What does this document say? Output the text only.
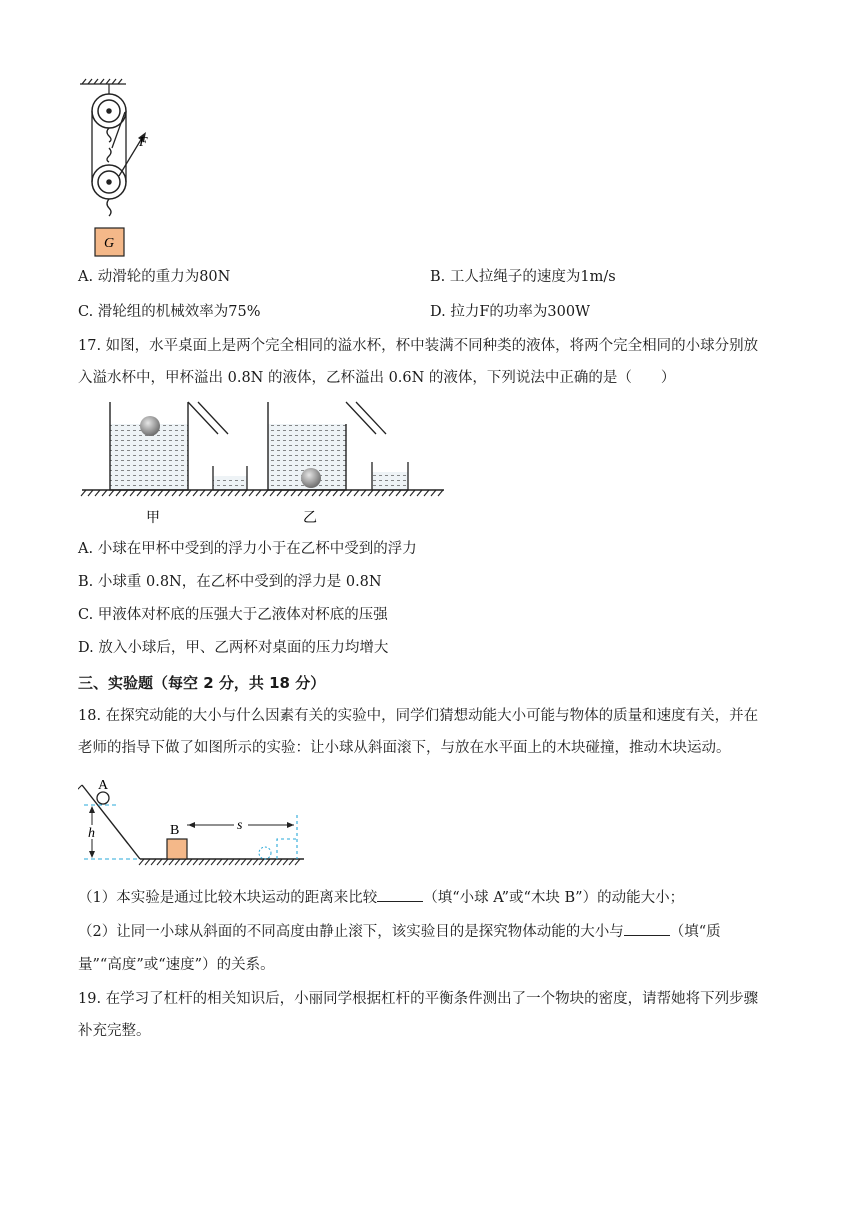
F
G
A. 动滑轮的重力为80N	B. 工人拉绳子的速度为1m/s
C. 滑轮组的机械效率为75%	D. 拉力F的功率为300W
17. 如图，水平桌面上是两个完全相同的溢水杯，杯中装满不同种类的液体，将两个完全相同的小球分别放
入溢水杯中，甲杯溢出 0.8N 的液体，乙杯溢出 0.6N 的液体，下列说法中正确的是（　　）
甲	乙
A. 小球在甲杯中受到的浮力小于在乙杯中受到的浮力
B. 小球重 0.8N，在乙杯中受到的浮力是 0.8N
C. 甲液体对杯底的压强大于乙液体对杯底的压强
D. 放入小球后，甲、乙两杯对桌面的压力均增大
三、实验题（每空 2 分，共 18 分）
18. 在探究动能的大小与什么因素有关的实验中，同学们猜想动能大小可能与物体的质量和速度有关，并在
老师的指导下做了如图所示的实验：让小球从斜面滚下，与放在水平面上的木块碰撞，推动木块运动。
A
h	B	s
（1）本实验是通过比较木块运动的距离来比较	（填“小球 A”或“木块 B”）的动能大小；
（2）让同一小球从斜面的不同高度由静止滚下，该实验目的是探究物体动能的大小与	（填“质
量”“高度”或“速度”）的关系。
19. 在学习了杠杆的相关知识后，小丽同学根据杠杆的平衡条件测出了一个物块的密度，请帮她将下列步骤
补充完整。
